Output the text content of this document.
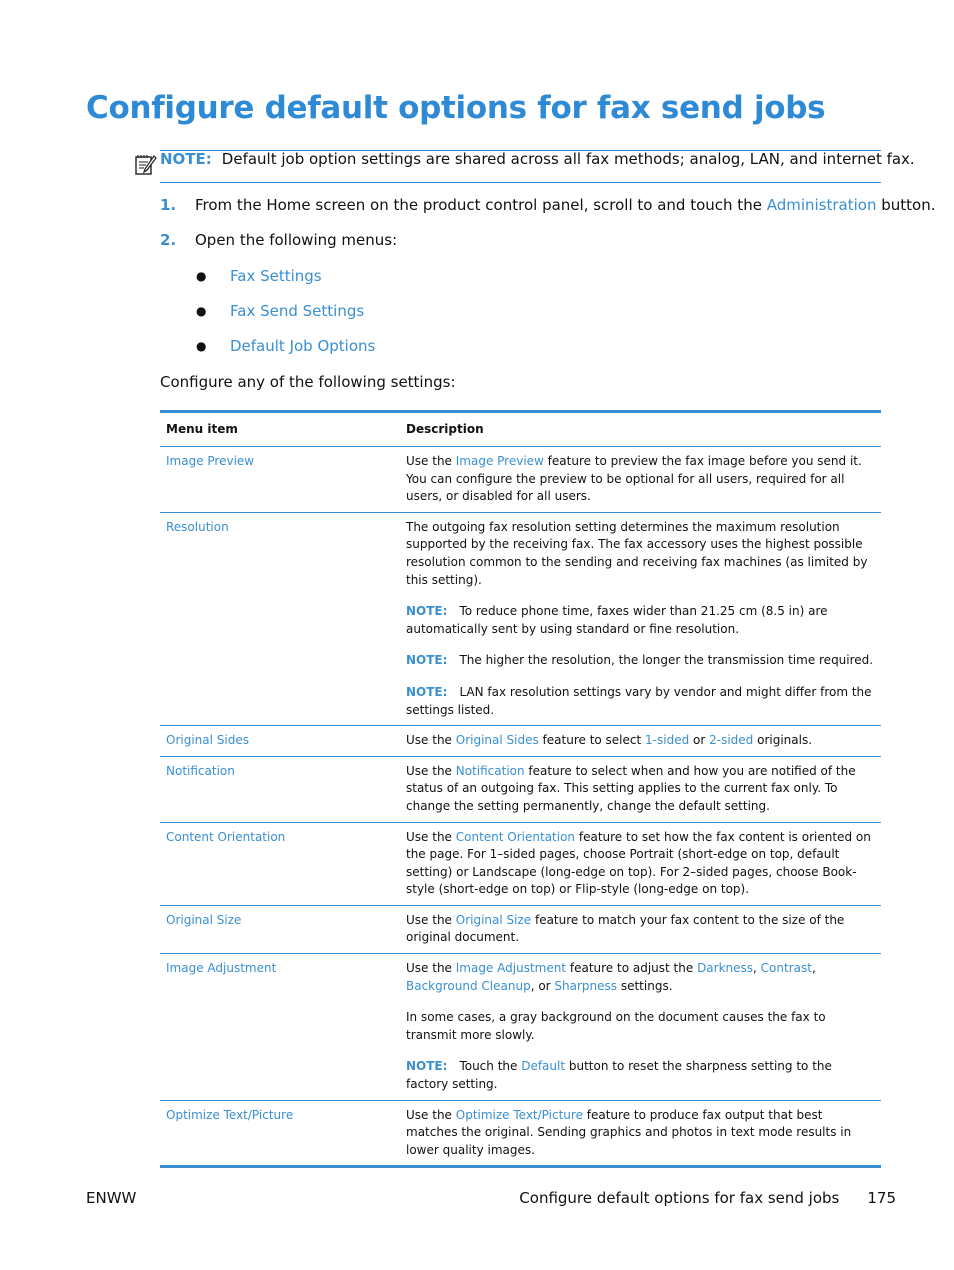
Configure default options for fax send jobs
NOTE: Default job option settings are shared across all fax methods; analog, LAN, and internet fax.
1. From the Home screen on the product control panel, scroll to and touch the Administration button.
2. Open the following menus:
● Fax Settings
● Fax Send Settings
● Default Job Options
Configure any of the following settings:
Menu item	Description
Image Preview	Use the Image Preview feature to preview the fax image before you send it. You can configure the preview to be optional for all users, required for all users, or disabled for all users.

Resolution	The outgoing fax resolution setting determines the maximum resolution supported by the receiving fax. The fax accessory uses the highest possible resolution common to the sending and receiving fax machines (as limited by this setting).

NOTE: To reduce phone time, faxes wider than 21.25 cm (8.5 in) are automatically sent by using standard or fine resolution.

NOTE: The higher the resolution, the longer the transmission time required.

NOTE: LAN fax resolution settings vary by vendor and might differ from the settings listed.

Original Sides	Use the Original Sides feature to select 1-sided or 2-sided originals.

Notification	Use the Notification feature to select when and how you are notified of the status of an outgoing fax. This setting applies to the current fax only. To change the setting permanently, change the default setting.

Content Orientation	Use the Content Orientation feature to set how the fax content is oriented on the page. For 1–sided pages, choose Portrait (short-edge on top, default setting) or Landscape (long-edge on top). For 2–sided pages, choose Book-style (short-edge on top) or Flip-style (long-edge on top).

Original Size	Use the Original Size feature to match your fax content to the size of the original document.

Image Adjustment	Use the Image Adjustment feature to adjust the Darkness, Contrast, Background Cleanup, or Sharpness settings.

In some cases, a gray background on the document causes the fax to transmit more slowly.

NOTE: Touch the Default button to reset the sharpness setting to the factory setting.

Optimize Text/Picture	Use the Optimize Text/Picture feature to produce fax output that best matches the original. Sending graphics and photos in text mode results in lower quality images.

ENWW	Configure default options for fax send jobs 175
